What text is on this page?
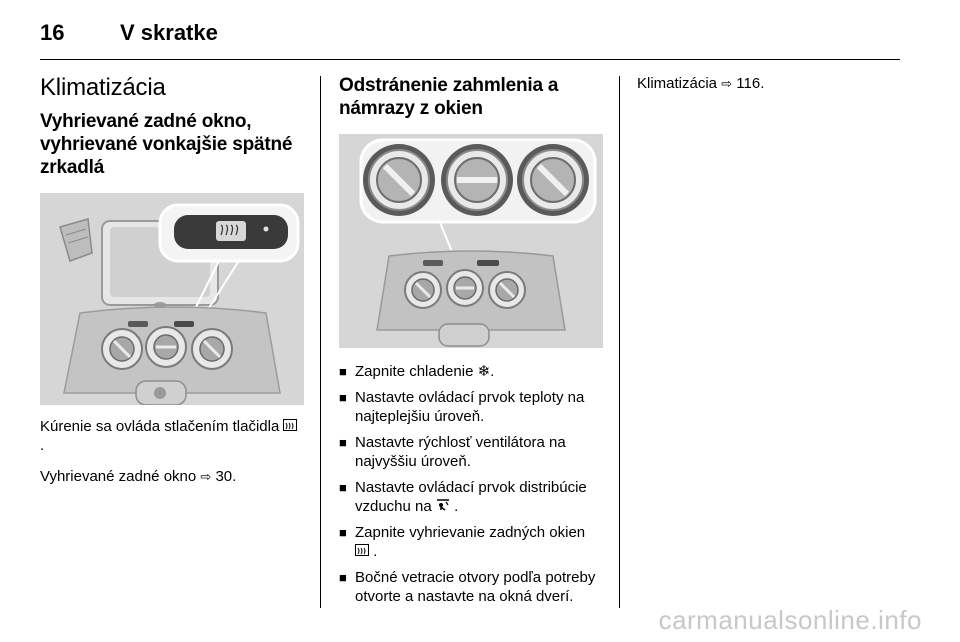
16	V skratke
Klimatizácia
Vyhrievané zadné okno, vyhrievané vonkajšie spätné zrkadlá
Kúrenie sa ovláda stlačením tlačidla  .
Vyhrievané zadné okno ⇨ 30.
Odstránenie zahmlenia a námrazy z okien
■ Zapnite chladenie ❄.
■ Nastavte ovládací prvok teploty na najteplejšiu úroveň.
■ Nastavte rýchlosť ventilátora na najvyššiu úroveň.
■ Nastavte ovládací prvok distribúcie vzduchu na .
■ Zapnite vyhrievanie zadných okien  .
■ Bočné vetracie otvory podľa potreby otvorte a nastavte na okná dverí.
Klimatizácia ⇨ 116.
carmanualsonline.info
